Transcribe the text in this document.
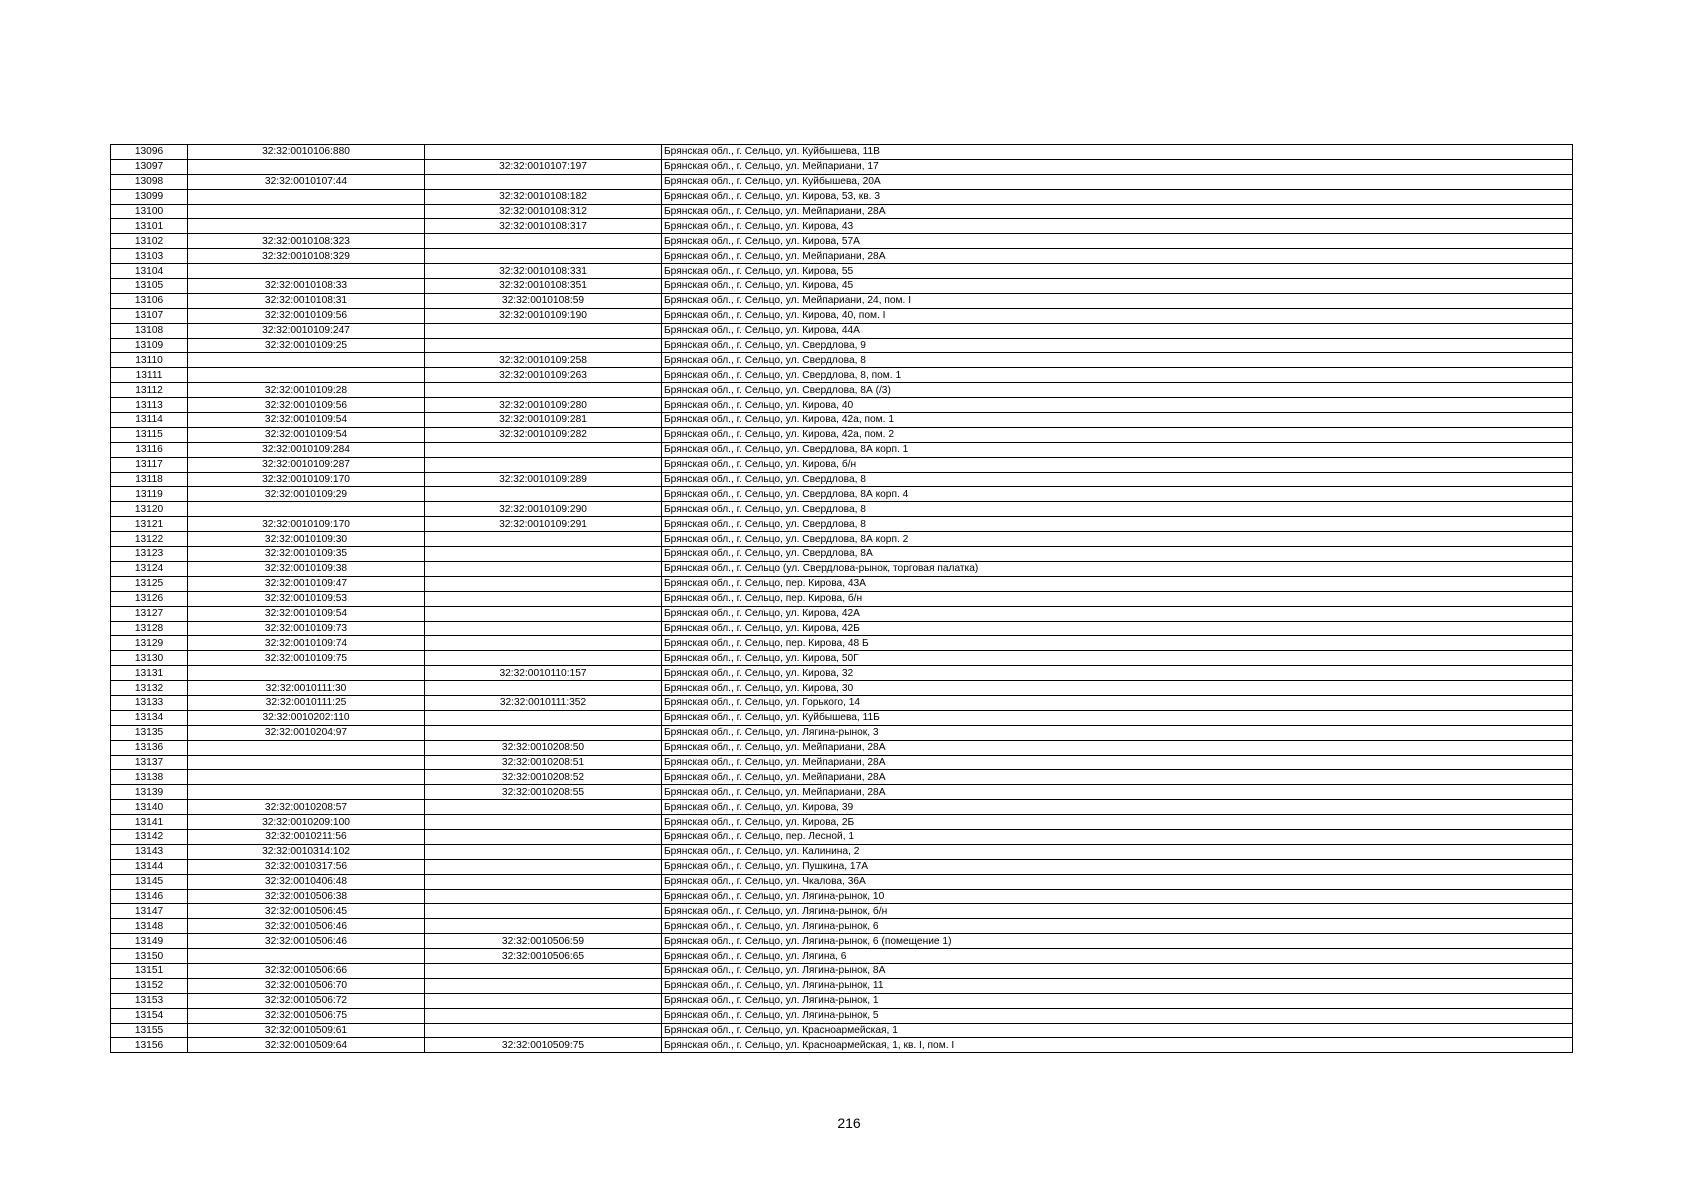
13096	32:32:0010106:880		Брянская обл., г. Сельцо, ул. Куйбышева, 11В
13097		32:32:0010107:197	Брянская обл., г. Сельцо, ул. Мейпариани, 17
13098	32:32:0010107:44		Брянская обл., г. Сельцо, ул. Куйбышева, 20А
13099		32:32:0010108:182	Брянская обл., г. Сельцо, ул. Кирова, 53, кв. 3
13100		32:32:0010108:312	Брянская обл., г. Сельцо, ул. Мейпариани, 28А
13101		32:32:0010108:317	Брянская обл., г. Сельцо, ул. Кирова, 43
13102	32:32:0010108:323		Брянская обл., г. Сельцо, ул. Кирова, 57А
13103	32:32:0010108:329		Брянская обл., г. Сельцо, ул. Мейпариани, 28А
13104		32:32:0010108:331	Брянская обл., г. Сельцо, ул. Кирова, 55
13105	32:32:0010108:33	32:32:0010108:351	Брянская обл., г. Сельцо, ул. Кирова, 45
13106	32:32:0010108:31	32:32:0010108:59	Брянская обл., г. Сельцо, ул. Мейпариани, 24, пом. I
13107	32:32:0010109:56	32:32:0010109:190	Брянская обл., г. Сельцо, ул. Кирова, 40, пом. I
13108	32:32:0010109:247		Брянская обл., г. Сельцо, ул. Кирова, 44А
13109	32:32:0010109:25		Брянская обл., г. Сельцо, ул. Свердлова, 9
13110		32:32:0010109:258	Брянская обл., г. Сельцо, ул. Свердлова, 8
13111		32:32:0010109:263	Брянская обл., г. Сельцо, ул. Свердлова, 8, пом. 1
13112	32:32:0010109:28		Брянская обл., г. Сельцо, ул. Свердлова, 8А (/3)
13113	32:32:0010109:56	32:32:0010109:280	Брянская обл., г. Сельцо, ул. Кирова, 40
13114	32:32:0010109:54	32:32:0010109:281	Брянская обл., г. Сельцо, ул. Кирова, 42а, пом. 1
13115	32:32:0010109:54	32:32:0010109:282	Брянская обл., г. Сельцо, ул. Кирова, 42а, пом. 2
13116	32:32:0010109:284		Брянская обл., г. Сельцо, ул. Свердлова, 8А корп. 1
13117	32:32:0010109:287		Брянская обл., г. Сельцо, ул. Кирова, б/н
13118	32:32:0010109:170	32:32:0010109:289	Брянская обл., г. Сельцо, ул. Свердлова, 8
13119	32:32:0010109:29		Брянская обл., г. Сельцо, ул. Свердлова, 8А корп. 4
13120		32:32:0010109:290	Брянская обл., г. Сельцо, ул. Свердлова, 8
13121	32:32:0010109:170	32:32:0010109:291	Брянская обл., г. Сельцо, ул. Свердлова, 8
13122	32:32:0010109:30		Брянская обл., г. Сельцо, ул. Свердлова, 8А корп. 2
13123	32:32:0010109:35		Брянская обл., г. Сельцо, ул. Свердлова, 8А
13124	32:32:0010109:38		Брянская обл., г. Сельцо (ул. Свердлова-рынок, торговая палатка)
13125	32:32:0010109:47		Брянская обл., г. Сельцо, пер. Кирова, 43А
13126	32:32:0010109:53		Брянская обл., г. Сельцо, пер. Кирова, б/н
13127	32:32:0010109:54		Брянская обл., г. Сельцо, ул. Кирова, 42А
13128	32:32:0010109:73		Брянская обл., г. Сельцо, ул. Кирова, 42Б
13129	32:32:0010109:74		Брянская обл., г. Сельцо, пер. Кирова, 48 Б
13130	32:32:0010109:75		Брянская обл., г. Сельцо, ул. Кирова, 50Г
13131		32:32:0010110:157	Брянская обл., г. Сельцо, ул. Кирова, 32
13132	32:32:0010111:30		Брянская обл., г. Сельцо, ул. Кирова, 30
13133	32:32:0010111:25	32:32:0010111:352	Брянская обл., г. Сельцо, ул. Горького, 14
13134	32:32:0010202:110		Брянская обл., г. Сельцо, ул. Куйбышева, 11Б
13135	32:32:0010204:97		Брянская обл., г. Сельцо, ул. Лягина-рынок, 3
13136		32:32:0010208:50	Брянская обл., г. Сельцо, ул. Мейпариани, 28А
13137		32:32:0010208:51	Брянская обл., г. Сельцо, ул. Мейпариани, 28А
13138		32:32:0010208:52	Брянская обл., г. Сельцо, ул. Мейпариани, 28А
13139		32:32:0010208:55	Брянская обл., г. Сельцо, ул. Мейпариани, 28А
13140	32:32:0010208:57		Брянская обл., г. Сельцо, ул. Кирова, 39
13141	32:32:0010209:100		Брянская обл., г. Сельцо, ул. Кирова, 2Б
13142	32:32:0010211:56		Брянская обл., г. Сельцо, пер. Лесной, 1
13143	32:32:0010314:102		Брянская обл., г. Сельцо, ул. Калинина, 2
13144	32:32:0010317:56		Брянская обл., г. Сельцо, ул. Пушкина, 17А
13145	32:32:0010406:48		Брянская обл., г. Сельцо, ул. Чкалова, 36А
13146	32:32:0010506:38		Брянская обл., г. Сельцо, ул. Лягина-рынок, 10
13147	32:32:0010506:45		Брянская обл., г. Сельцо, ул. Лягина-рынок, б/н
13148	32:32:0010506:46		Брянская обл., г. Сельцо, ул. Лягина-рынок, 6
13149	32:32:0010506:46	32:32:0010506:59	Брянская обл., г. Сельцо, ул. Лягина-рынок, 6 (помещение 1)
13150		32:32:0010506:65	Брянская обл., г. Сельцо, ул. Лягина, 6
13151	32:32:0010506:66		Брянская обл., г. Сельцо, ул. Лягина-рынок, 8А
13152	32:32:0010506:70		Брянская обл., г. Сельцо, ул. Лягина-рынок, 11
13153	32:32:0010506:72		Брянская обл., г. Сельцо, ул. Лягина-рынок, 1
13154	32:32:0010506:75		Брянская обл., г. Сельцо, ул. Лягина-рынок, 5
13155	32:32:0010509:61		Брянская обл., г. Сельцо, ул. Красноармейская, 1
13156	32:32:0010509:64	32:32:0010509:75	Брянская обл., г. Сельцо, ул. Красноармейская, 1, кв. I, пом. I
216
